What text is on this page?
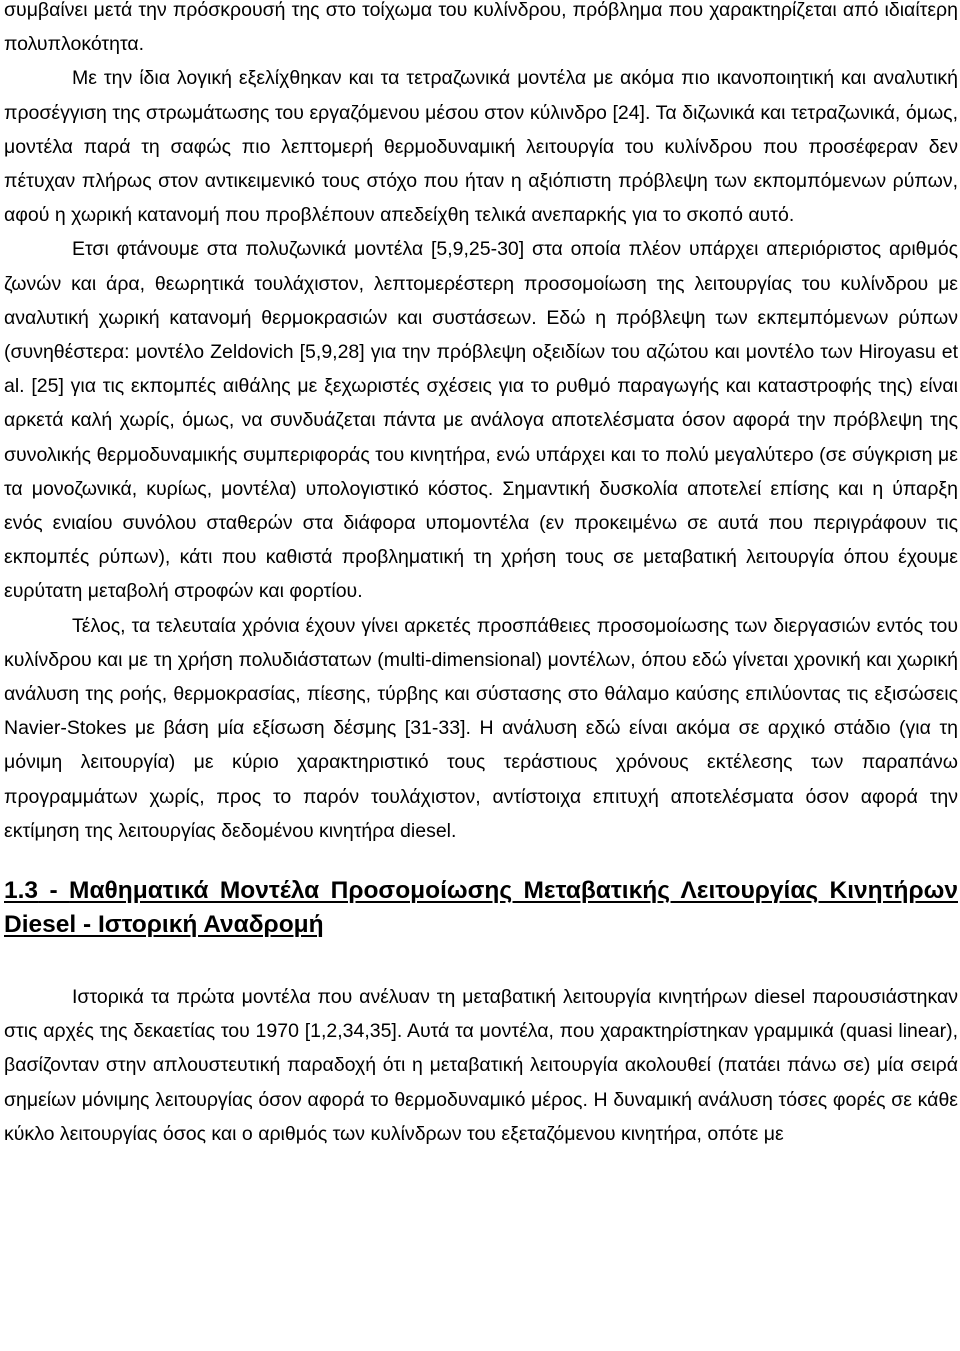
συμβαίνει μετά την πρόσκρουσή της στο τοίχωμα του κυλίνδρου, πρόβλημα που χαρακτηρίζεται από ιδιαίτερη πολυπλοκότητα.

Με την ίδια λογική εξελίχθηκαν και τα τετραζωνικά μοντέλα με ακόμα πιο ικανοποιητική και αναλυτική προσέγγιση της στρωμάτωσης του εργαζόμενου μέσου στον κύλινδρο [24]. Τα διζωνικά και τετραζωνικά, όμως, μοντέλα παρά τη σαφώς πιο λεπτομερή θερμοδυναμική λειτουργία του κυλίνδρου που προσέφεραν δεν πέτυχαν πλήρως στον αντικειμενικό τους στόχο που ήταν η αξιόπιστη πρόβλεψη των εκπομπόμενων ρύπων, αφού η χωρική κατανομή που προβλέπουν απεδείχθη τελικά ανεπαρκής για το σκοπό αυτό.

Ετσι φτάνουμε στα πολυζωνικά μοντέλα [5,9,25-30] στα οποία πλέον υπάρχει απεριόριστος αριθμός ζωνών και άρα, θεωρητικά τουλάχιστον, λεπτομερέστερη προσομοίωση της λειτουργίας του κυλίνδρου με αναλυτική χωρική κατανομή θερμοκρασιών και συστάσεων. Εδώ η πρόβλεψη των εκπεμπόμενων ρύπων (συνηθέστερα: μοντέλο Zeldovich [5,9,28] για την πρόβλεψη οξειδίων του αζώτου και μοντέλο των Hiroyasu et al. [25] για τις εκπομπές αιθάλης με ξεχωριστές σχέσεις για το ρυθμό παραγωγής και καταστροφής της) είναι αρκετά καλή χωρίς, όμως, να συνδυάζεται πάντα με ανάλογα αποτελέσματα όσον αφορά την πρόβλεψη της συνολικής θερμοδυναμικής συμπεριφοράς του κινητήρα, ενώ υπάρχει και το πολύ μεγαλύτερο (σε σύγκριση με τα μονοζωνικά, κυρίως, μοντέλα) υπολογιστικό κόστος. Σημαντική δυσκολία αποτελεί επίσης και η ύπαρξη ενός ενιαίου συνόλου σταθερών στα διάφορα υπομοντέλα (εν προκειμένω σε αυτά που περιγράφουν τις εκπομπές ρύπων), κάτι που καθιστά προβληματική τη χρήση τους σε μεταβατική λειτουργία όπου έχουμε ευρύτατη μεταβολή στροφών και φορτίου.

Τέλος, τα τελευταία χρόνια έχουν γίνει αρκετές προσπάθειες προσομοίωσης των διεργασιών εντός του κυλίνδρου και με τη χρήση πολυδιάστατων (multi-dimensional) μοντέλων, όπου εδώ γίνεται χρονική και χωρική ανάλυση της ροής, θερμοκρασίας, πίεσης, τύρβης και σύστασης στο θάλαμο καύσης επιλύοντας τις εξισώσεις Navier-Stokes με βάση μία εξίσωση δέσμης [31-33]. Η ανάλυση εδώ είναι ακόμα σε αρχικό στάδιο (για τη μόνιμη λειτουργία) με κύριο χαρακτηριστικό τους τεράστιους χρόνους εκτέλεσης των παραπάνω προγραμμάτων χωρίς, προς το παρόν τουλάχιστον, αντίστοιχα επιτυχή αποτελέσματα όσον αφορά την εκτίμηση της λειτουργίας δεδομένου κινητήρα diesel.

1.3 - Μαθηματικά Μοντέλα Προσομοίωσης Μεταβατικής Λειτουργίας Κινητήρων Diesel - Ιστορική Αναδρομή

Ιστορικά τα πρώτα μοντέλα που ανέλυαν τη μεταβατική λειτουργία κινητήρων diesel παρουσιάστηκαν στις αρχές της δεκαετίας του 1970 [1,2,34,35]. Αυτά τα μοντέλα, που χαρακτηρίστηκαν γραμμικά (quasi linear), βασίζονταν στην απλουστευτική παραδοχή ότι η μεταβατική λειτουργία ακολουθεί (πατάει πάνω σε) μία σειρά σημείων μόνιμης λειτουργίας όσον αφορά το θερμοδυναμικό μέρος. Η δυναμική ανάλυση τόσες φορές σε κάθε κύκλο λειτουργίας όσος και ο αριθμός των κυλίνδρων του εξεταζόμενου κινητήρα, οπότε με
